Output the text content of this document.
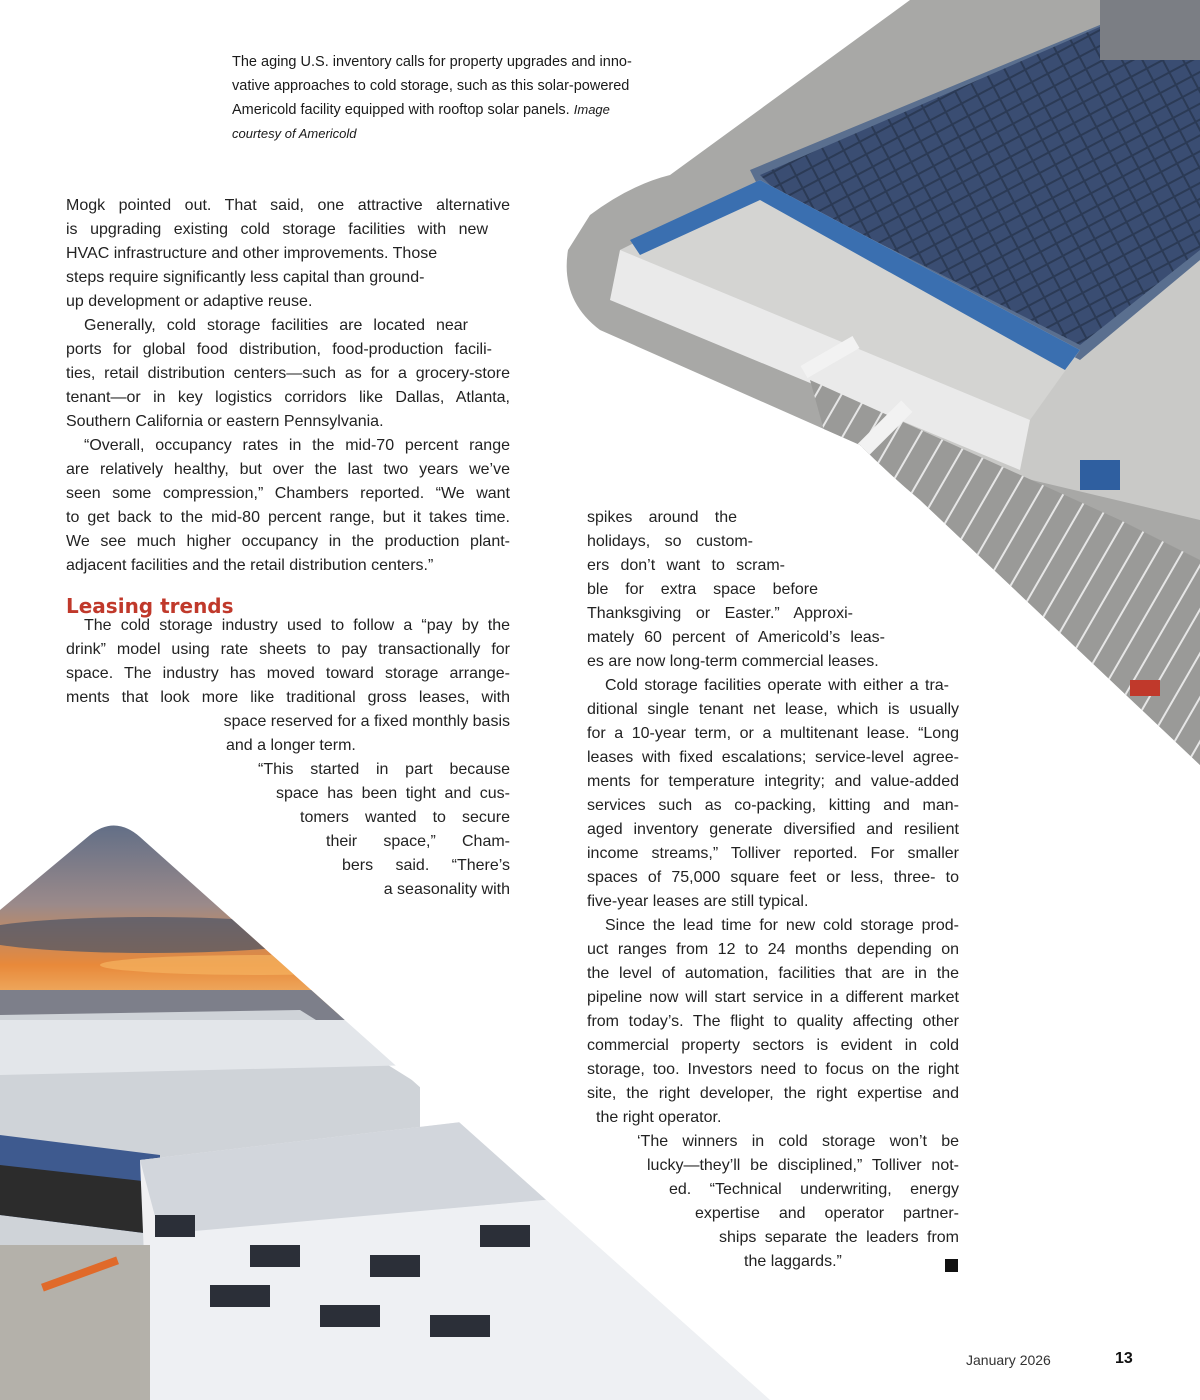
The aging U.S. inventory calls for property upgrades and inno-

vative approaches to cold storage, such as this solar-powered

Americold facility equipped with rooftop solar panels. Image

courtesy of Americold

Mogk pointed out. That said, one attractive alternative
is upgrading existing cold storage facilities with new
HVAC infrastructure and other improvements. Those
steps require significantly less capital than ground-
up development or adaptive reuse.

Generally, cold storage facilities are located near
ports for global food distribution, food-production facili-
ties, retail distribution centers—such as for a grocery-store
tenant—or in key logistics corridors like Dallas, Atlanta,
Southern California or eastern Pennsylvania.

“Overall, occupancy rates in the mid-70 percent range
are relatively healthy, but over the last two years we’ve
seen some compression,” Chambers reported. “We want
to get back to the mid-80 percent range, but it takes time.
We see much higher occupancy in the production plant-
adjacent facilities and the retail distribution centers.”

Leasing trends

The cold storage industry used to follow a “pay by the
drink” model using rate sheets to pay transactionally for
space. The industry has moved toward storage arrange-
ments that look more like traditional gross leases, with
space reserved for a fixed monthly basis
and a longer term.

“This started in part because
space has been tight and cus-
tomers wanted to secure
their space,” Cham-
bers said. “There’s
a seasonality with

spikes around the
holidays, so custom-
ers don’t want to scram-
ble for extra space before
Thanksgiving or Easter.” Approxi-
mately 60 percent of Americold’s leas-
es are now long-term commercial leases.

Cold storage facilities operate with either a tra-
ditional single tenant net lease, which is usually
for a 10-year term, or a multitenant lease. “Long
leases with fixed escalations; service-level agree-
ments for temperature integrity; and value-added
services such as co-packing, kitting and man-
aged inventory generate diversified and resilient
income streams,” Tolliver reported. For smaller
spaces of 75,000 square feet or less, three- to
five-year leases are still typical.

Since the lead time for new cold storage prod-
uct ranges from 12 to 24 months depending on
the level of automation, facilities that are in the
pipeline now will start service in a different market
from today’s. The flight to quality affecting other
commercial property sectors is evident in cold
storage, too. Investors need to focus on the right
site, the right developer, the right expertise and
the right operator.

‘The winners in cold storage won’t be
lucky—they’ll be disciplined,” Tolliver not-
ed. “Technical underwriting, energy
expertise and operator partner-
ships separate the leaders from
the laggards.”

January 2026	13
